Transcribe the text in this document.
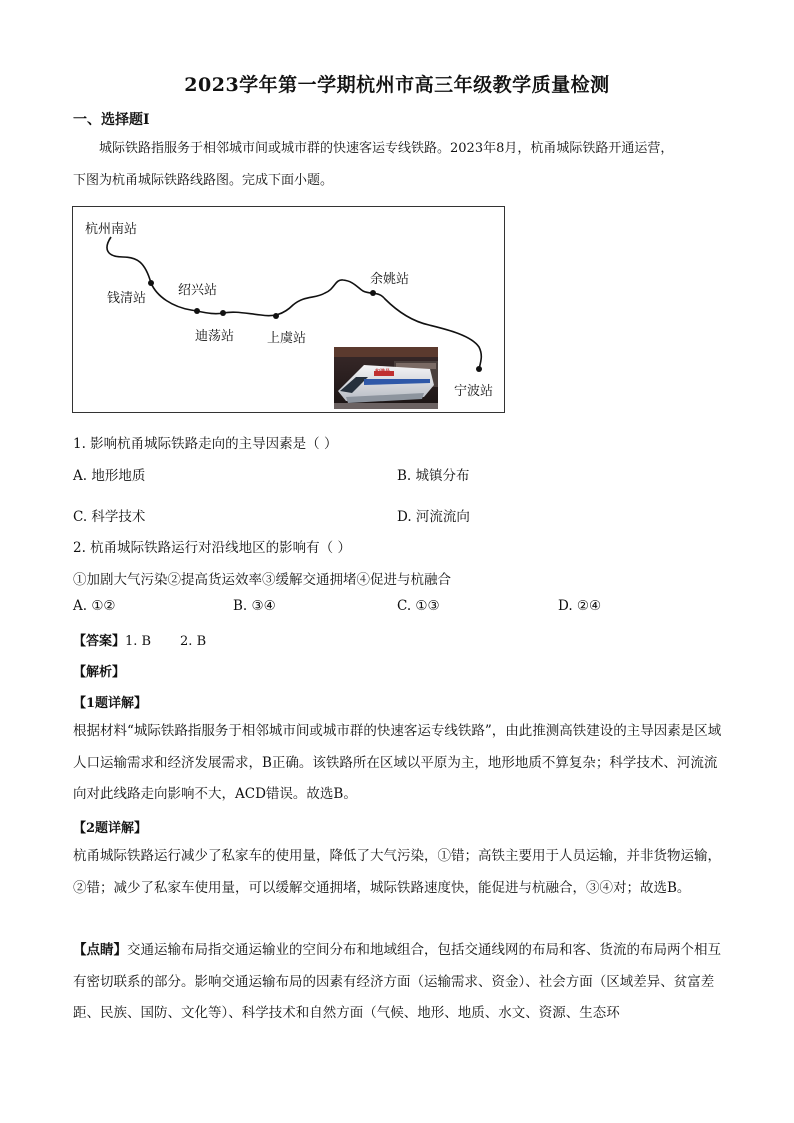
2023学年第一学期杭州市高三年级教学质量检测
一、选择题Ⅰ
城际铁路指服务于相邻城市间或城市群的快速客运专线铁路。2023年8月，杭甬城际铁路开通运营，
下图为杭甬城际铁路线路图。完成下面小题。
杭州南站
钱清站
绍兴站
迪荡站	上虞站
余姚站
宁波站
和谐号
1. 影响杭甬城际铁路走向的主导因素是（ ）
A. 地形地质	B. 城镇分布
C. 科学技术	D. 河流流向
2. 杭甬城际铁路运行对沿线地区的影响有（ ）
①加剧大气污染②提高货运效率③缓解交通拥堵④促进与杭融合
A. ①②	B. ③④	C. ①③	D. ②④
【答案】1. B       2. B
【解析】
【1题详解】
根据材料“城际铁路指服务于相邻城市间或城市群的快速客运专线铁路”，由此推测高铁建设的主导因素是区域人口运输需求和经济发展需求，B正确。该铁路所在区域以平原为主，地形地质不算复杂；科学技术、河流流向对此线路走向影响不大，ACD错误。故选B。
【2题详解】
杭甬城际铁路运行减少了私家车的使用量，降低了大气污染，①错；高铁主要用于人员运输，并非货物运输，②错；减少了私家车使用量，可以缓解交通拥堵，城际铁路速度快，能促进与杭融合，③④对；故选B。
【点睛】交通运输布局指交通运输业的空间分布和地域组合，包括交通线网的布局和客、货流的布局两个相互有密切联系的部分。影响交通运输布局的因素有经济方面（运输需求、资金）、社会方面（区域差异、贫富差距、民族、国防、文化等）、科学技术和自然方面（气候、地形、地质、水文、资源、生态环
